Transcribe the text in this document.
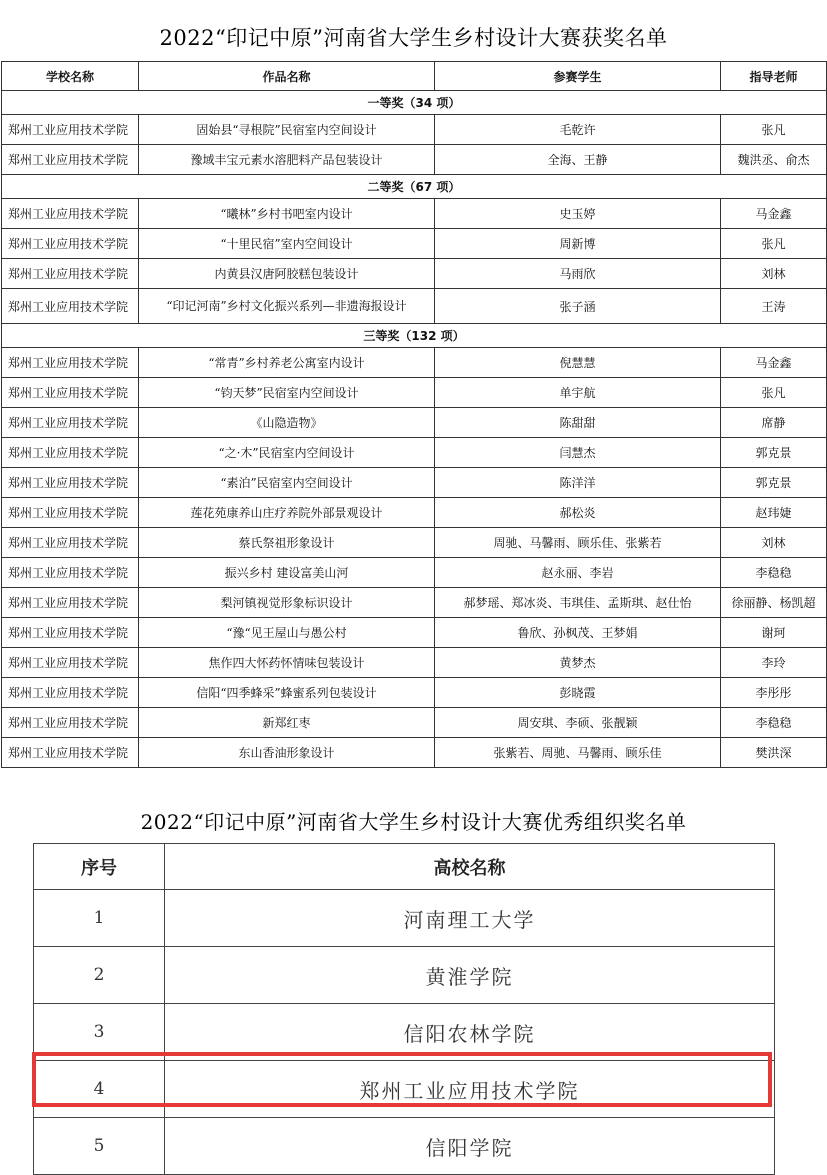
2022“印记中原”河南省大学生乡村设计大赛获奖名单
学校名称	作品名称	参赛学生	指导老师
一等奖（34 项）			
郑州工业应用技术学院	固始县“寻根院”民宿室内空间设计	毛乾许	张凡
郑州工业应用技术学院	豫域丰宝元素水溶肥料产品包装设计	全海、王静	魏洪丞、俞杰
二等奖（67 项）			
郑州工业应用技术学院	“曦林”乡村书吧室内设计	史玉婷	马金鑫
郑州工业应用技术学院	“十里民宿”室内空间设计	周新博	张凡
郑州工业应用技术学院	内黄县汉唐阿胶糕包装设计	马雨欣	刘林
郑州工业应用技术学院	“印记河南”乡村文化振兴系列—非遗海报设计	张子涵	王涛
三等奖（132 项）			
郑州工业应用技术学院	“常青”乡村养老公寓室内设计	倪慧慧	马金鑫
郑州工业应用技术学院	“钧天梦”民宿室内空间设计	单宇航	张凡
郑州工业应用技术学院	《山隐造物》	陈甜甜	席静
郑州工业应用技术学院	“之·木”民宿室内空间设计	闫慧杰	郭克景
郑州工业应用技术学院	“素泊”民宿室内空间设计	陈洋洋	郭克景
郑州工业应用技术学院	莲花苑康养山庄疗养院外部景观设计	郝松炎	赵玮婕
郑州工业应用技术学院	蔡氏祭祖形象设计	周驰、马馨雨、顾乐佳、张紫若	刘林
郑州工业应用技术学院	振兴乡村 建设富美山河	赵永丽、李岩	李稳稳
郑州工业应用技术学院	梨河镇视觉形象标识设计	郝梦瑶、郑冰炎、韦琪佳、孟斯琪、赵仕怡	徐丽静、杨凯超
郑州工业应用技术学院	“豫“见王屋山与愚公村	鲁欣、孙枫茂、王梦娟	谢珂
郑州工业应用技术学院	焦作四大怀药怀情味包装设计	黄梦杰	李玲
郑州工业应用技术学院	信阳“四季蜂采”蜂蜜系列包装设计	彭晓霞	李彤彤
郑州工业应用技术学院	新郑红枣	周安琪、李硕、张靓颖	李稳稳
郑州工业应用技术学院	东山香油形象设计	张紫若、周驰、马馨雨、顾乐佳	樊洪深
2022“印记中原”河南省大学生乡村设计大赛优秀组织奖名单
序号	高校名称
1	河南理工大学
2	黄淮学院
3	信阳农林学院
4	郑州工业应用技术学院
5	信阳学院
